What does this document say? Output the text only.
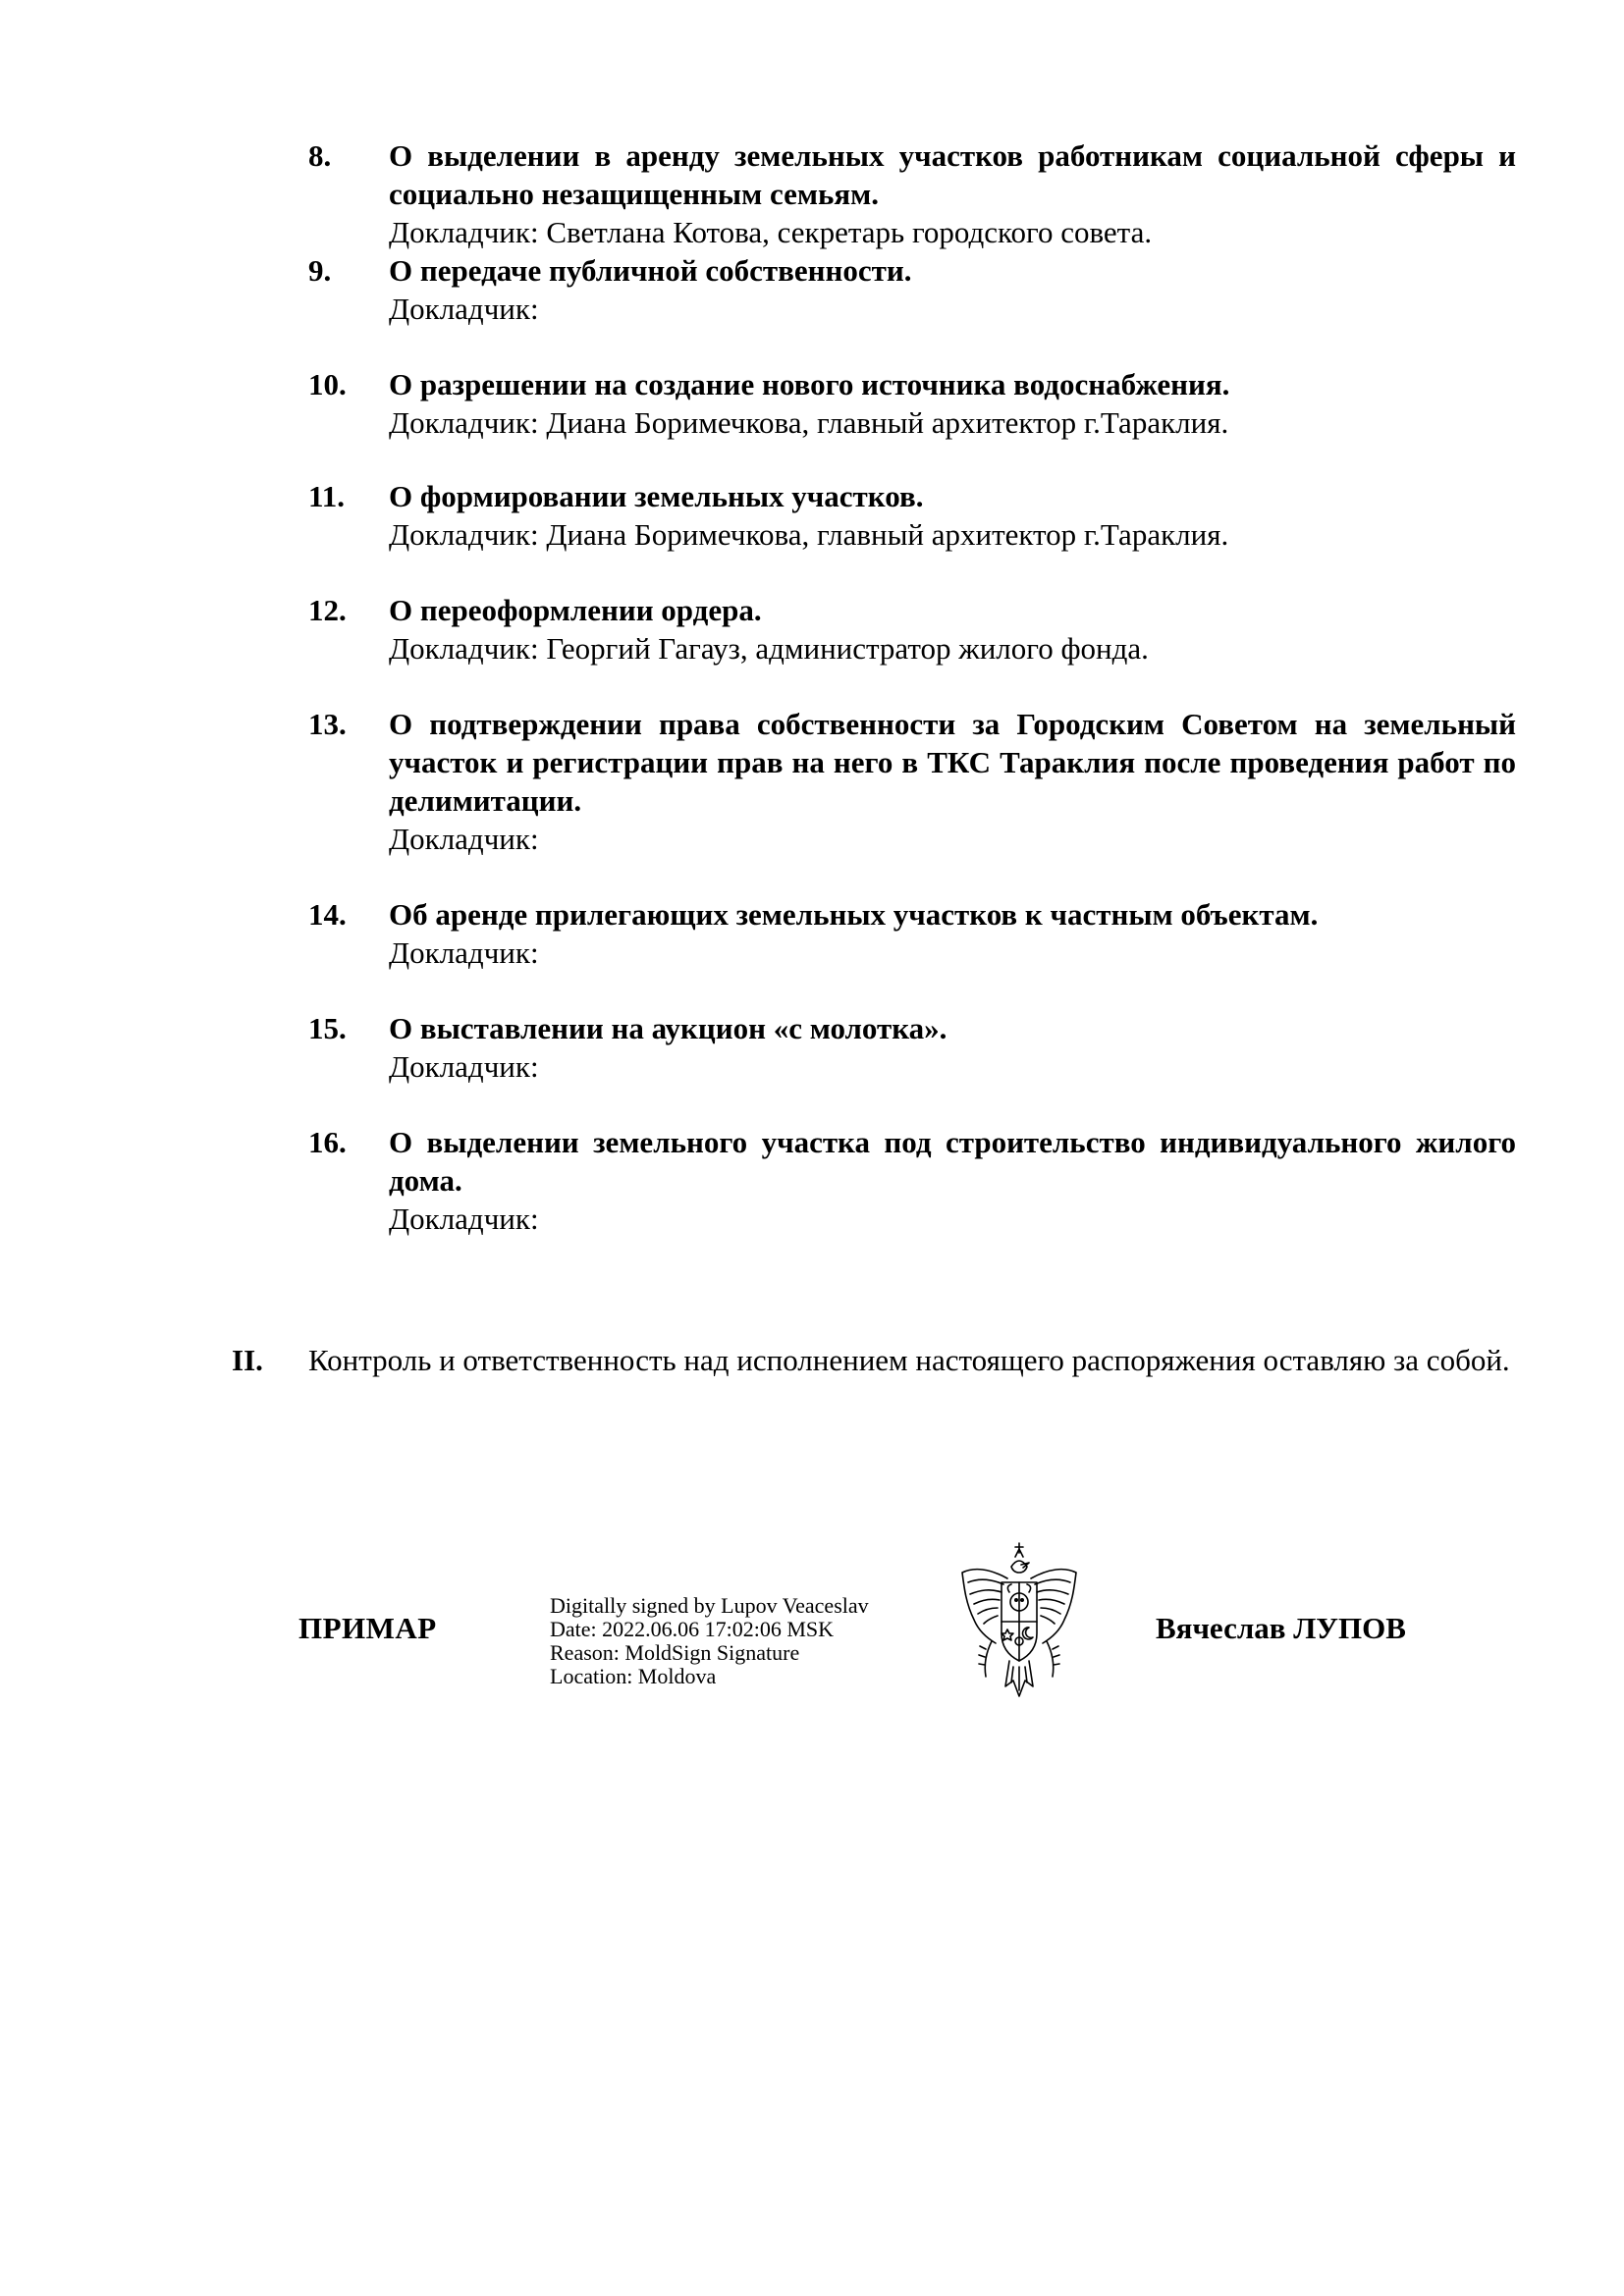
8.	О выделении в аренду земельных участков работникам социальной сферы и социально незащищенным семьям.
Докладчик: Светлана Котова, секретарь городского совета.
9.	О передаче публичной собственности.
Докладчик:
10.	О разрешении на создание нового источника водоснабжения.
Докладчик: Диана Боримечкова, главный архитектор г.Тараклия.
11.	О формировании земельных участков.
Докладчик: Диана Боримечкова, главный архитектор г.Тараклия.
12.	О переоформлении ордера.
Докладчик: Георгий Гагауз, администратор жилого фонда.
13.	О подтверждении права собственности за Городским Советом на земельный участок и регистрации прав на него в ТКС Тараклия после проведения работ по делимитации.
Докладчик:
14.	Об аренде прилегающих земельных участков к частным объектам.
Докладчик:
15.	О выставлении на аукцион «с молотка».
Докладчик:
16.	О выделении земельного участка под строительство индивидуального жилого дома.
Докладчик:
II. Контроль и ответственность над исполнением настоящего распоряжения оставляю за собой.
ПРИМАР
Digitally signed by Lupov Veaceslav
Date: 2022.06.06 17:02:06 MSK
Reason: MoldSign Signature
Location: Moldova
Вячеслав ЛУПОВ
